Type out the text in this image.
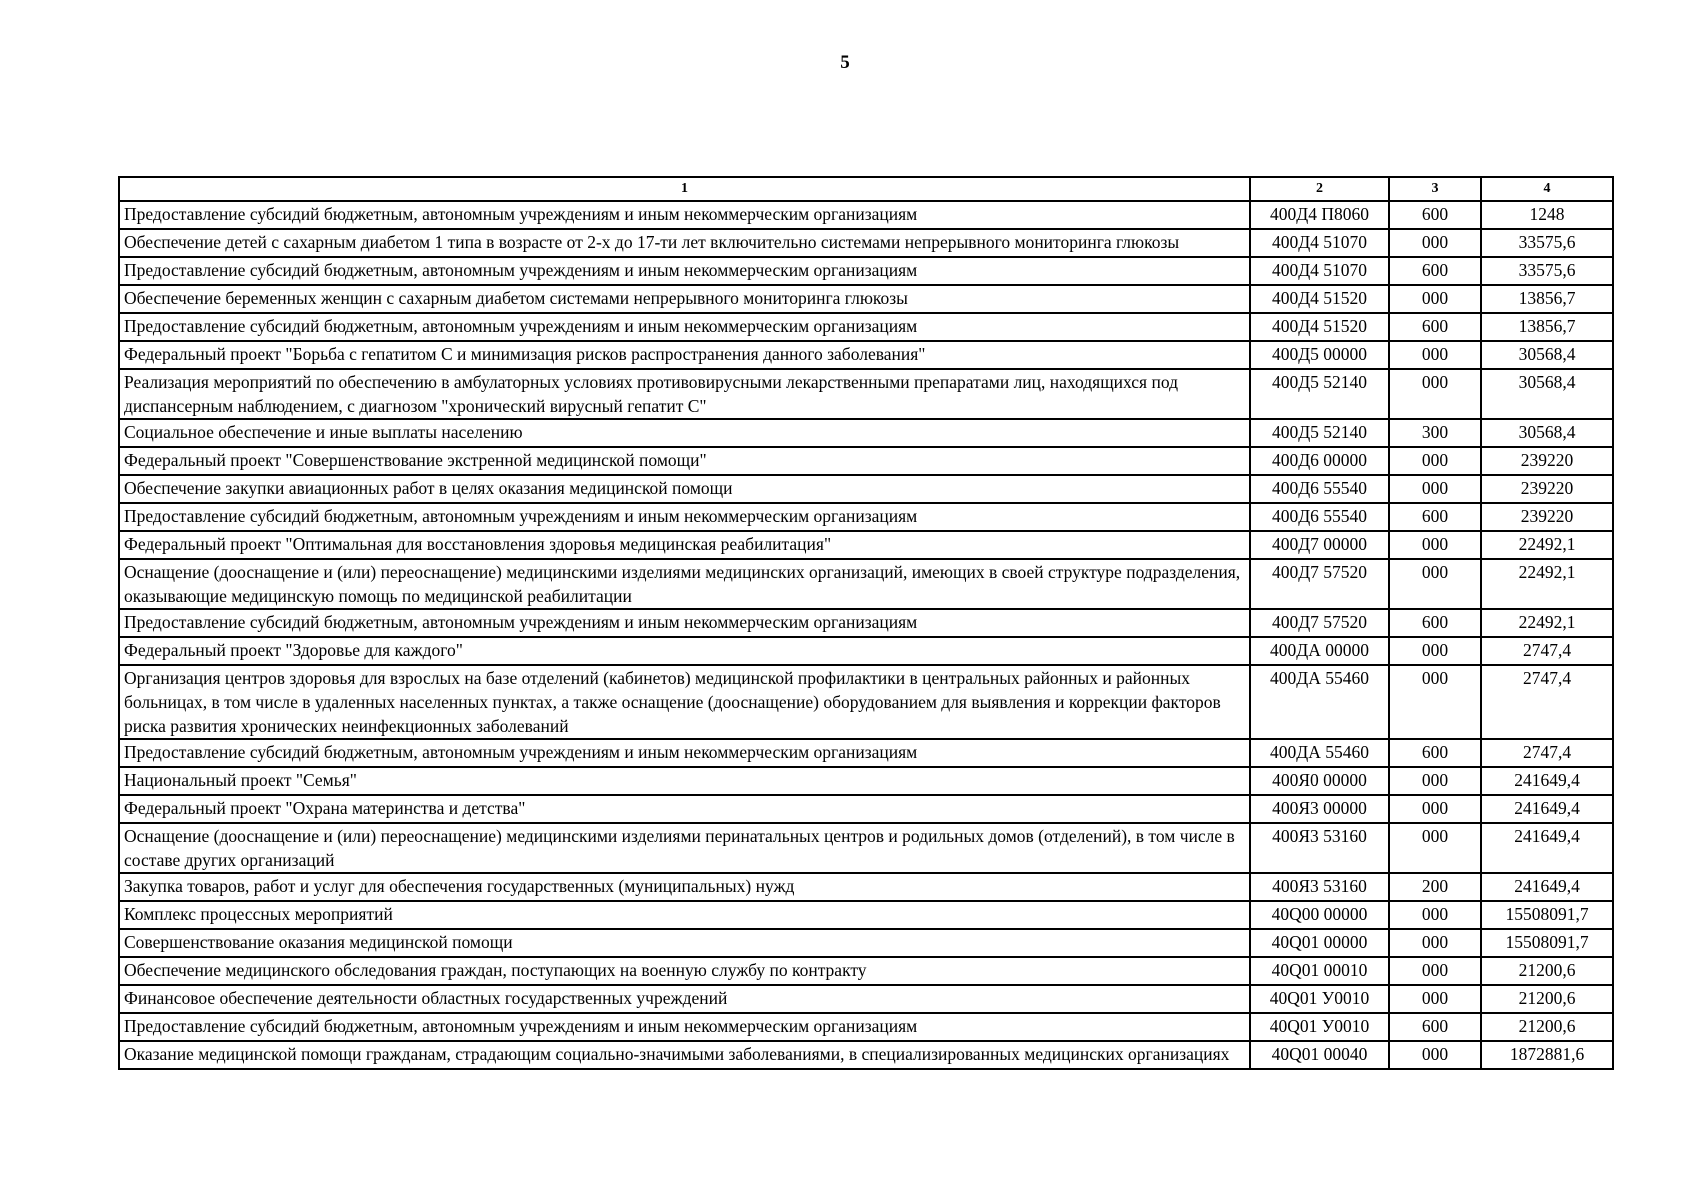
5
1	2	3	4
Предоставление субсидий бюджетным, автономным учреждениям и иным некоммерческим организациям	400Д4 П8060	600	1248
Обеспечение детей с сахарным диабетом 1 типа в возрасте от 2-х до 17-ти лет включительно системами непрерывного мониторинга глюкозы	400Д4 51070	000	33575,6
Предоставление субсидий бюджетным, автономным учреждениям и иным некоммерческим организациям	400Д4 51070	600	33575,6
Обеспечение беременных женщин с сахарным диабетом системами непрерывного мониторинга глюкозы	400Д4 51520	000	13856,7
Предоставление субсидий бюджетным, автономным учреждениям и иным некоммерческим организациям	400Д4 51520	600	13856,7
Федеральный проект "Борьба с гепатитом С и минимизация рисков распространения данного заболевания"	400Д5 00000	000	30568,4
Реализация мероприятий по обеспечению в амбулаторных условиях противовирусными лекарственными препаратами лиц, находящихся под диспансерным наблюдением, с диагнозом "хронический вирусный гепатит С"	400Д5 52140	000	30568,4
Социальное обеспечение и иные выплаты населению	400Д5 52140	300	30568,4
Федеральный проект "Совершенствование экстренной медицинской помощи"	400Д6 00000	000	239220
Обеспечение закупки авиационных работ в целях оказания медицинской помощи	400Д6 55540	000	239220
Предоставление субсидий бюджетным, автономным учреждениям и иным некоммерческим организациям	400Д6 55540	600	239220
Федеральный проект "Оптимальная для восстановления здоровья медицинская реабилитация"	400Д7 00000	000	22492,1
Оснащение (дооснащение и (или) переоснащение) медицинскими изделиями медицинских организаций, имеющих в своей структуре подразделения, оказывающие медицинскую помощь по медицинской реабилитации	400Д7 57520	000	22492,1
Предоставление субсидий бюджетным, автономным учреждениям и иным некоммерческим организациям	400Д7 57520	600	22492,1
Федеральный проект "Здоровье для каждого"	400ДА 00000	000	2747,4
Организация центров здоровья для взрослых на базе отделений (кабинетов) медицинской профилактики в центральных районных и районных больницах, в том числе в удаленных населенных пунктах, а также оснащение (дооснащение) оборудованием для выявления и коррекции факторов риска развития хронических неинфекционных заболеваний	400ДА 55460	000	2747,4
Предоставление субсидий бюджетным, автономным учреждениям и иным некоммерческим организациям	400ДА 55460	600	2747,4
Национальный проект "Семья"	400Я0 00000	000	241649,4
Федеральный проект "Охрана материнства и детства"	400Я3 00000	000	241649,4
Оснащение (дооснащение и (или) переоснащение) медицинскими изделиями перинатальных центров и родильных домов (отделений), в том числе в составе других организаций	400Я3 53160	000	241649,4
Закупка товаров, работ и услуг для обеспечения государственных (муниципальных) нужд	400Я3 53160	200	241649,4
Комплекс процессных мероприятий	40Q00 00000	000	15508091,7
Совершенствование оказания медицинской помощи	40Q01 00000	000	15508091,7
Обеспечение медицинского обследования граждан, поступающих на военную службу по контракту	40Q01 00010	000	21200,6
Финансовое обеспечение деятельности областных государственных учреждений	40Q01 У0010	000	21200,6
Предоставление субсидий бюджетным, автономным учреждениям и иным некоммерческим организациям	40Q01 У0010	600	21200,6
Оказание медицинской помощи гражданам, страдающим социально-значимыми заболеваниями, в специализированных медицинских организациях	40Q01 00040	000	1872881,6
